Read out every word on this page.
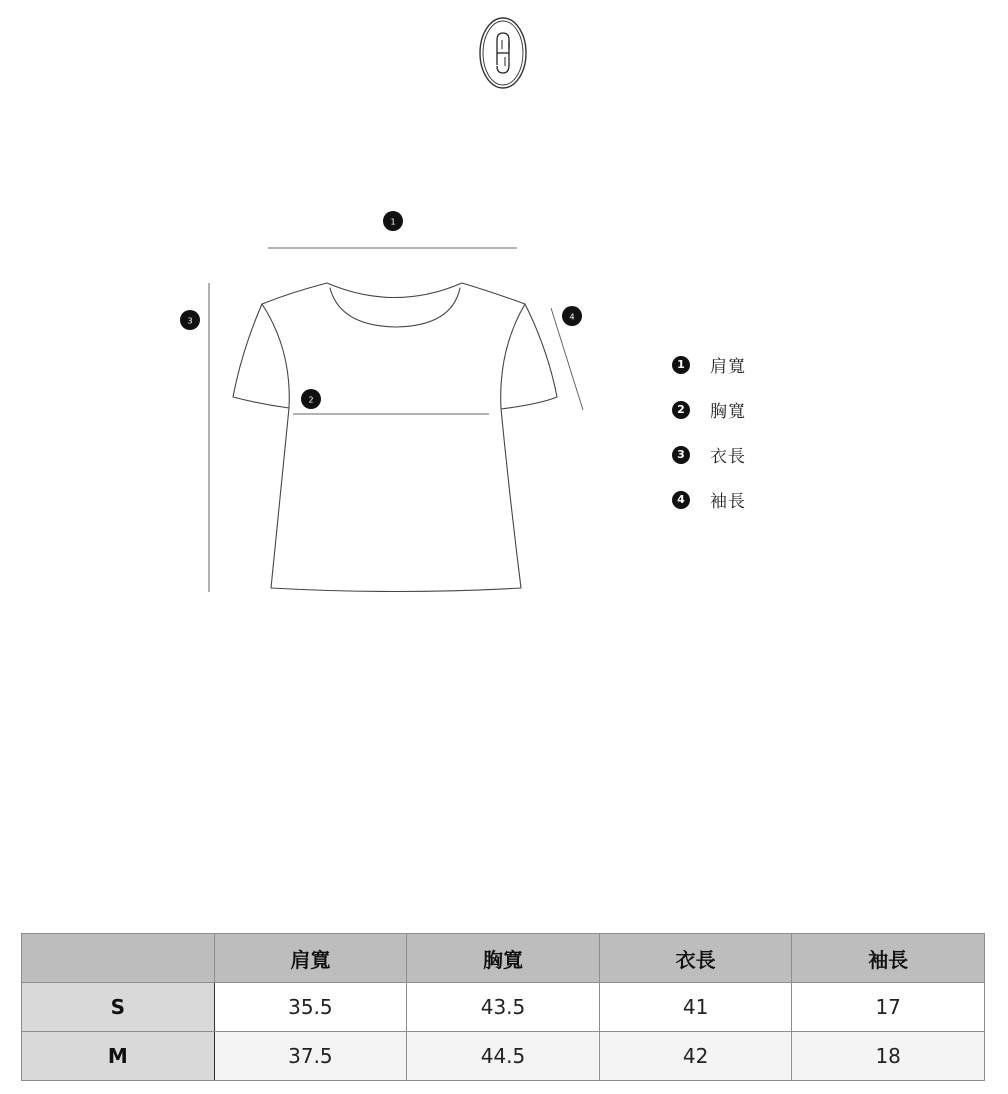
1
2
3	4
1	肩寬
2	胸寬
3	衣長
4	袖長
	肩寬	胸寬	衣長	袖長
S	35.5	43.5	41	17
M	37.5	44.5	42	18
